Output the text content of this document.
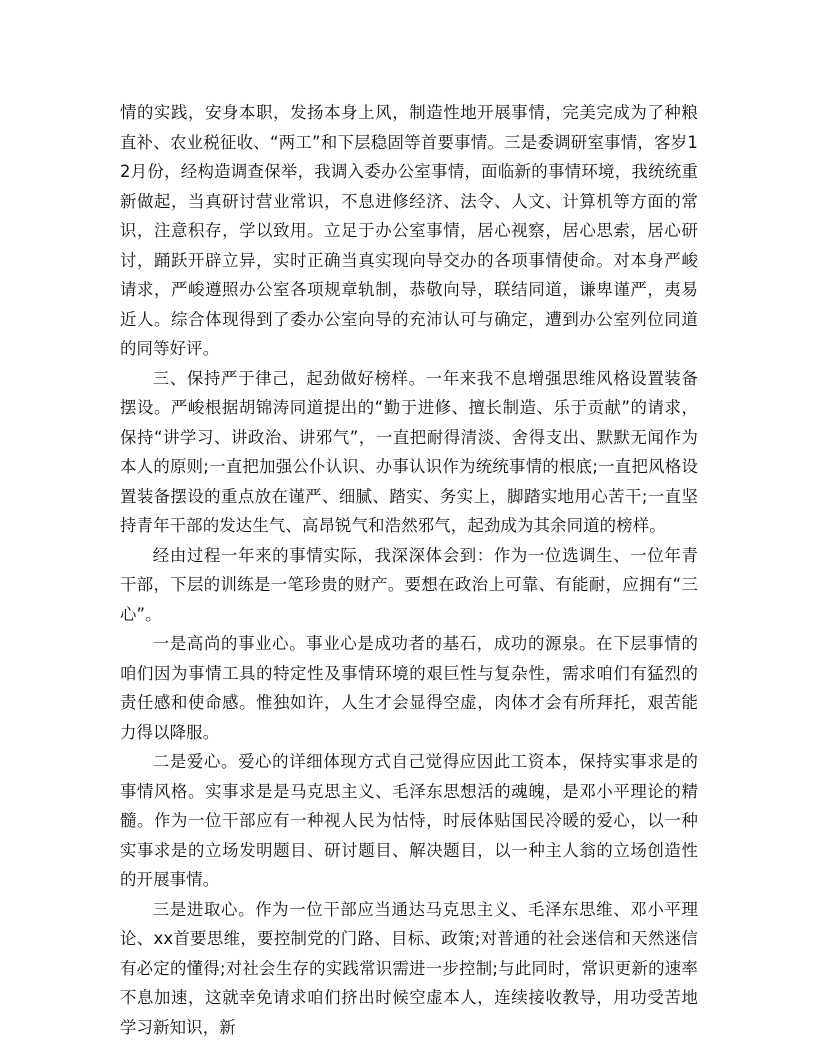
情的实践，安身本职，发扬本身上风，制造性地开展事情，完美完成为了种粮直补、农业税征收、“两工”和下层稳固等首要事情。三是委调研室事情，客岁12月份，经构造调查保举，我调入委办公室事情，面临新的事情环境，我统统重新做起，当真研讨营业常识，不息进修经济、法令、人文、计算机等方面的常识，注意积存，学以致用。立足于办公室事情，居心视察，居心思索，居心研讨，踊跃开辟立异，实时正确当真实现向导交办的各项事情使命。对本身严峻请求，严峻遵照办公室各项规章轨制，恭敬向导，联结同道，谦卑谨严，夷易近人。综合体现得到了委办公室向导的充沛认可与确定，遭到办公室列位同道的同等好评。

三、保持严于律己，起劲做好榜样。一年来我不息增强思维风格设置装备摆设。严峻根据胡锦涛同道提出的“勤于进修、擅长制造、乐于贡献”的请求，保持“讲学习、讲政治、讲邪气”，一直把耐得清淡、舍得支出、默默无闻作为本人的原则;一直把加强公仆认识、办事认识作为统统事情的根底;一直把风格设置装备摆设的重点放在谨严、细腻、踏实、务实上，脚踏实地用心苦干;一直坚持青年干部的发达生气、高昂锐气和浩然邪气，起劲成为其余同道的榜样。

经由过程一年来的事情实际，我深深体会到：作为一位选调生、一位年青干部，下层的训练是一笔珍贵的财产。要想在政治上可靠、有能耐，应拥有“三心”。

一是高尚的事业心。事业心是成功者的基石，成功的源泉。在下层事情的咱们因为事情工具的特定性及事情环境的艰巨性与复杂性，需求咱们有猛烈的责任感和使命感。惟独如许，人生才会显得空虚，肉体才会有所拜托，艰苦能力得以降服。

二是爱心。爱心的详细体现方式自己觉得应因此工资本，保持实事求是的事情风格。实事求是是马克思主义、毛泽东思想活的魂魄，是邓小平理论的精髓。作为一位干部应有一种视人民为怙恃，时辰体贴国民冷暖的爱心，以一种实事求是的立场发明题目、研讨题目、解决题目，以一种主人翁的立场创造性的开展事情。

三是进取心。作为一位干部应当通达马克思主义、毛泽东思维、邓小平理论、xx首要思维，要控制党的门路、目标、政策;对普通的社会迷信和天然迷信有必定的懂得;对社会生存的实践常识需进一步控制;与此同时，常识更新的速率不息加速，这就幸免请求咱们挤出时候空虚本人，连续接收教导，用功受苦地学习新知识，新
